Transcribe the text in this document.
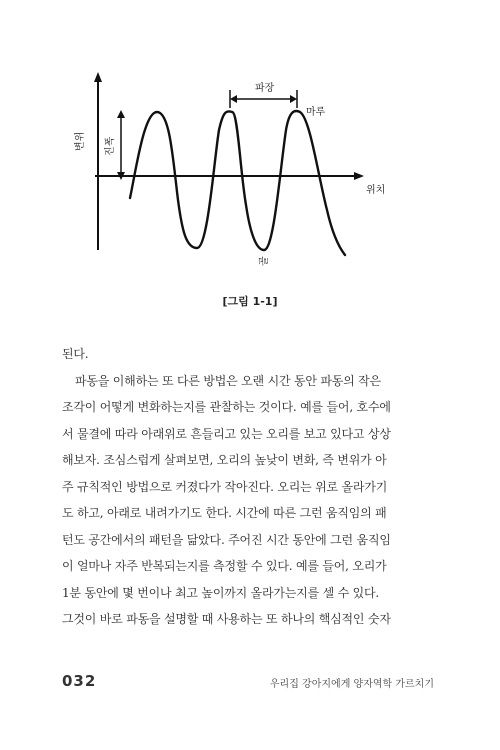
변위 진폭
파장
마루
골
위치
[그림 1-1]
된다.
파동을 이해하는 또 다른 방법은 오랜 시간 동안 파동의 작은
조각이 어떻게 변화하는지를 관찰하는 것이다. 예를 들어, 호수에
서 물결에 따라 아래위로 흔들리고 있는 오리를 보고 있다고 상상
해보자. 조심스럽게 살펴보면, 오리의 높낮이 변화, 즉 변위가 아
주 규칙적인 방법으로 커졌다가 작아진다. 오리는 위로 올라가기
도 하고, 아래로 내려가기도 한다. 시간에 따른 그런 움직임의 패
턴도 공간에서의 패턴을 닮았다. 주어진 시간 동안에 그런 움직임
이 얼마나 자주 반복되는지를 측정할 수 있다. 예를 들어, 오리가
1분 동안에 몇 번이나 최고 높이까지 올라가는지를 셀 수 있다.
그것이 바로 파동을 설명할 때 사용하는 또 하나의 핵심적인 숫자
032	우리집 강아지에게 양자역학 가르치기
